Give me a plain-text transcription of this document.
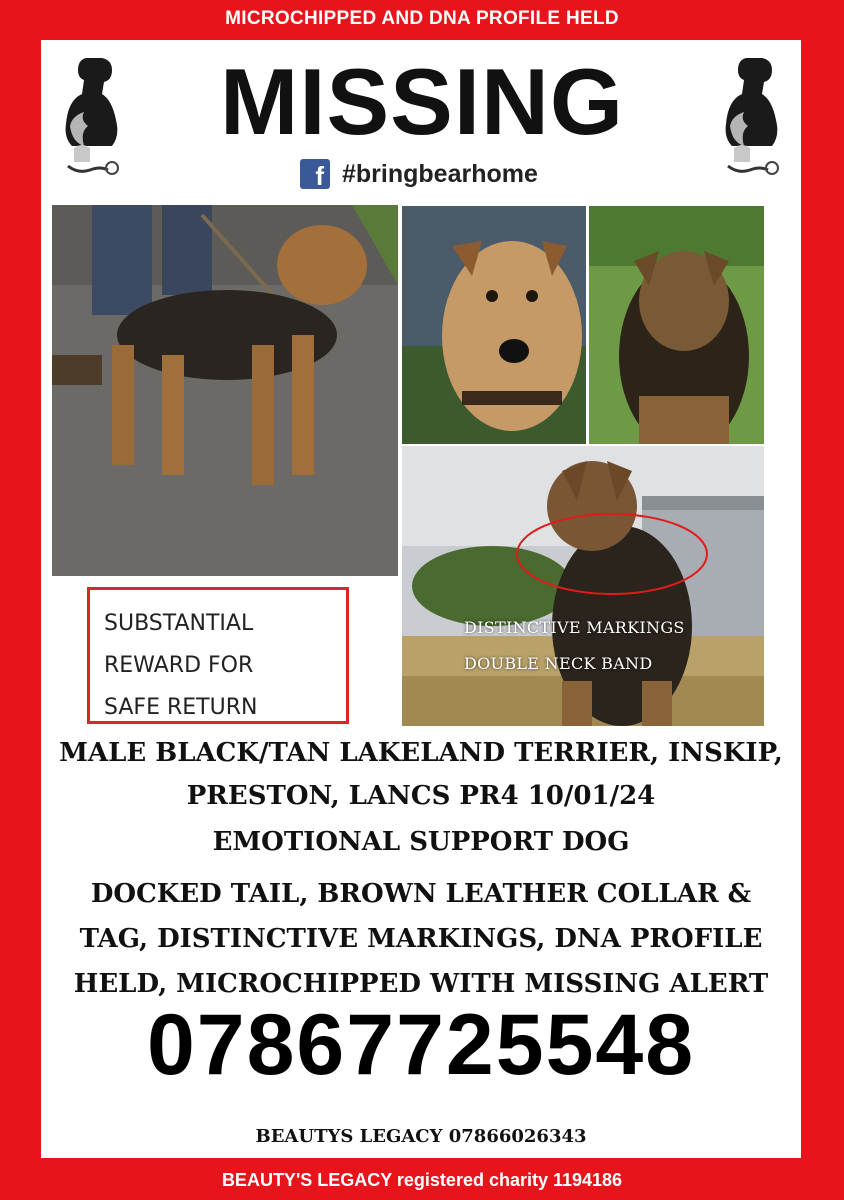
MICROCHIPPED AND DNA PROFILE HELD
MISSING
f #bringbearhome
DISTINCTIVE MARKINGS
DOUBLE NECK BAND
SUBSTANTIAL
REWARD FOR
SAFE RETURN
MALE BLACK/TAN LAKELAND TERRIER, INSKIP,
PRESTON, LANCS PR4 10/01/24
EMOTIONAL SUPPORT DOG
DOCKED TAIL, BROWN LEATHER COLLAR &
TAG, DISTINCTIVE MARKINGS, DNA PROFILE
HELD, MICROCHIPPED WITH MISSING ALERT
07867725548
BEAUTYS LEGACY 07866026343
BEAUTY'S LEGACY registered charity 1194186
